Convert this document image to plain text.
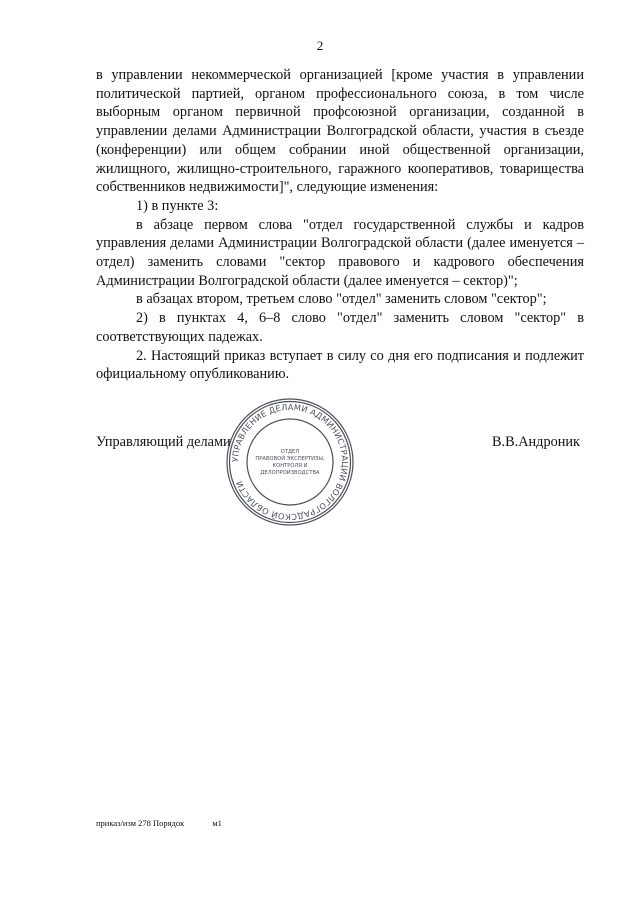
2

в управлении некоммерческой организацией [кроме участия в управлении политической партией, органом профессионального союза, в том числе выборным органом первичной профсоюзной организации, созданной в управлении делами Администрации Волгоградской области, участия в съезде (конференции) или общем собрании иной общественной организации, жилищного, жилищно-строительного, гаражного кооперативов, товарищества собственников недвижимости]", следующие изменения:

1) в пункте 3:

в абзаце первом слова "отдел государственной службы и кадров управления делами Администрации Волгоградской области (далее именуется – отдел) заменить словами "сектор правового и кадрового обеспечения Администрации Волгоградской области (далее именуется – сектор)";

в абзацах втором, третьем слово "отдел" заменить словом "сектор";

2) в пунктах 4, 6–8 слово "отдел" заменить словом "сектор" в соответствующих падежах.

2. Настоящий приказ вступает в силу со дня его подписания и подлежит официальному опубликованию.

УПРАВЛЕНИЕ ДЕЛАМИ АДМИНИСТРАЦИИ ВОЛГОГРАДСКОЙ ОБЛАСТИ
ОТДЕЛ
ПРАВОВОЙ ЭКСПЕРТИЗЫ,
КОНТРОЛЯ И
ДЕЛОПРОИЗВОДСТВА
Управляющий делами	В.В.Андроник
приказ/изм 278 Порядок	м1
